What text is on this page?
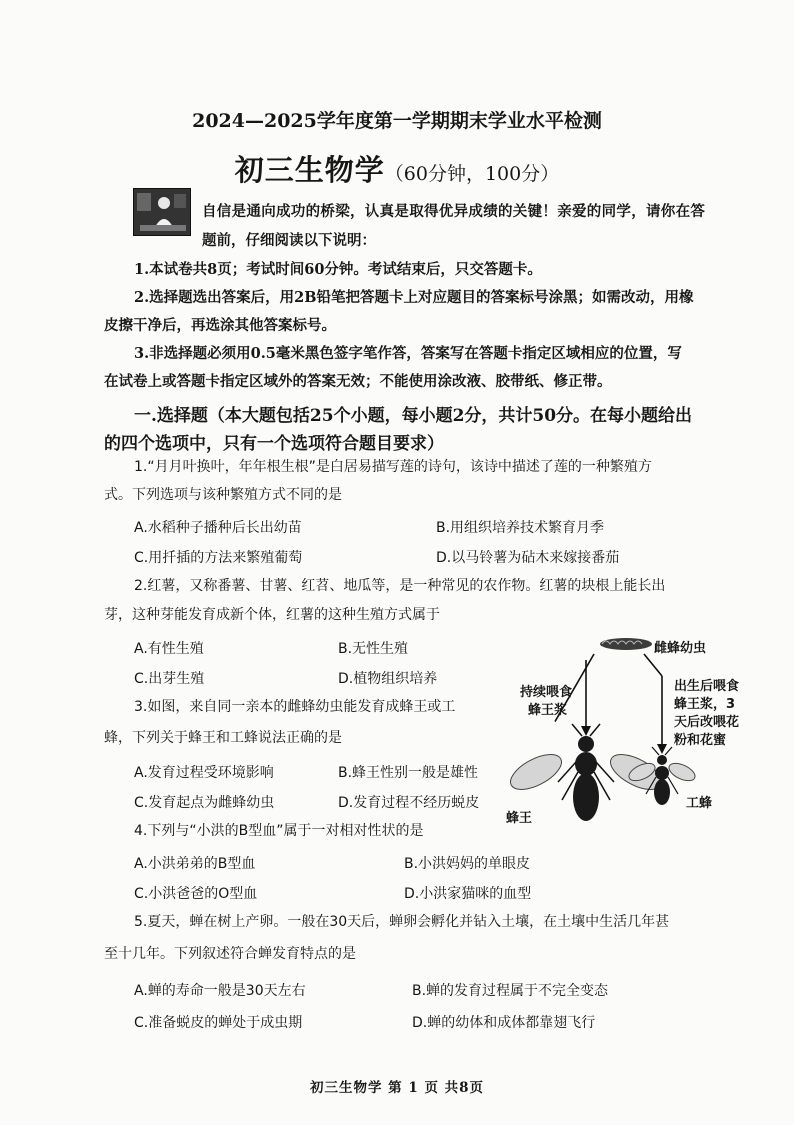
2024—2025学年度第一学期期末学业水平检测
初三生物学（60分钟，100分）
自信是通向成功的桥梁，认真是取得优异成绩的关键！亲爱的同学，请你在答
题前，仔细阅读以下说明：
1.本试卷共8页；考试时间60分钟。考试结束后，只交答题卡。
2.选择题选出答案后，用2B铅笔把答题卡上对应题目的答案标号涂黑；如需改动，用橡
皮擦干净后，再选涂其他答案标号。
3.非选择题必须用0.5毫米黑色签字笔作答，答案写在答题卡指定区域相应的位置，写
在试卷上或答题卡指定区域外的答案无效；不能使用涂改液、胶带纸、修正带。
一.选择题（本大题包括25个小题，每小题2分，共计50分。在每小题给出
的四个选项中，只有一个选项符合题目要求）
1.“月月叶换叶，年年根生根”是白居易描写莲的诗句，该诗中描述了莲的一种繁殖方
式。下列选项与该种繁殖方式不同的是
A.水稻种子播种后长出幼苗	B.用组织培养技术繁育月季
C.用扦插的方法来繁殖葡萄	D.以马铃薯为砧木来嫁接番茄
2.红薯，又称番薯、甘薯、红苕、地瓜等，是一种常见的农作物。红薯的块根上能长出
芽，这种芽能发育成新个体，红薯的这种生殖方式属于
A.有性生殖	B.无性生殖
C.出芽生殖	D.植物组织培养
3.如图，来自同一亲本的雌蜂幼虫能发育成蜂王或工
蜂，下列关于蜂王和工蜂说法正确的是
A.发育过程受环境影响	B.蜂王性别一般是雄性
C.发育起点为雌蜂幼虫	D.发育过程不经历蜕皮
雌蜂幼虫
持续喂食
蜂王浆
出生后喂食
蜂王浆，3
天后改喂花
粉和花蜜
蜂王
工蜂
4.下列与“小洪的B型血”属于一对相对性状的是
A.小洪弟弟的B型血	B.小洪妈妈的单眼皮
C.小洪爸爸的O型血	D.小洪家猫咪的血型
5.夏天，蝉在树上产卵。一般在30天后，蝉卵会孵化并钻入土壤，在土壤中生活几年甚
至十几年。下列叙述符合蝉发育特点的是
A.蝉的寿命一般是30天左右	B.蝉的发育过程属于不完全变态
C.准备蜕皮的蝉处于成虫期	D.蝉的幼体和成体都靠翅飞行
初三生物学 第 1 页 共8页
